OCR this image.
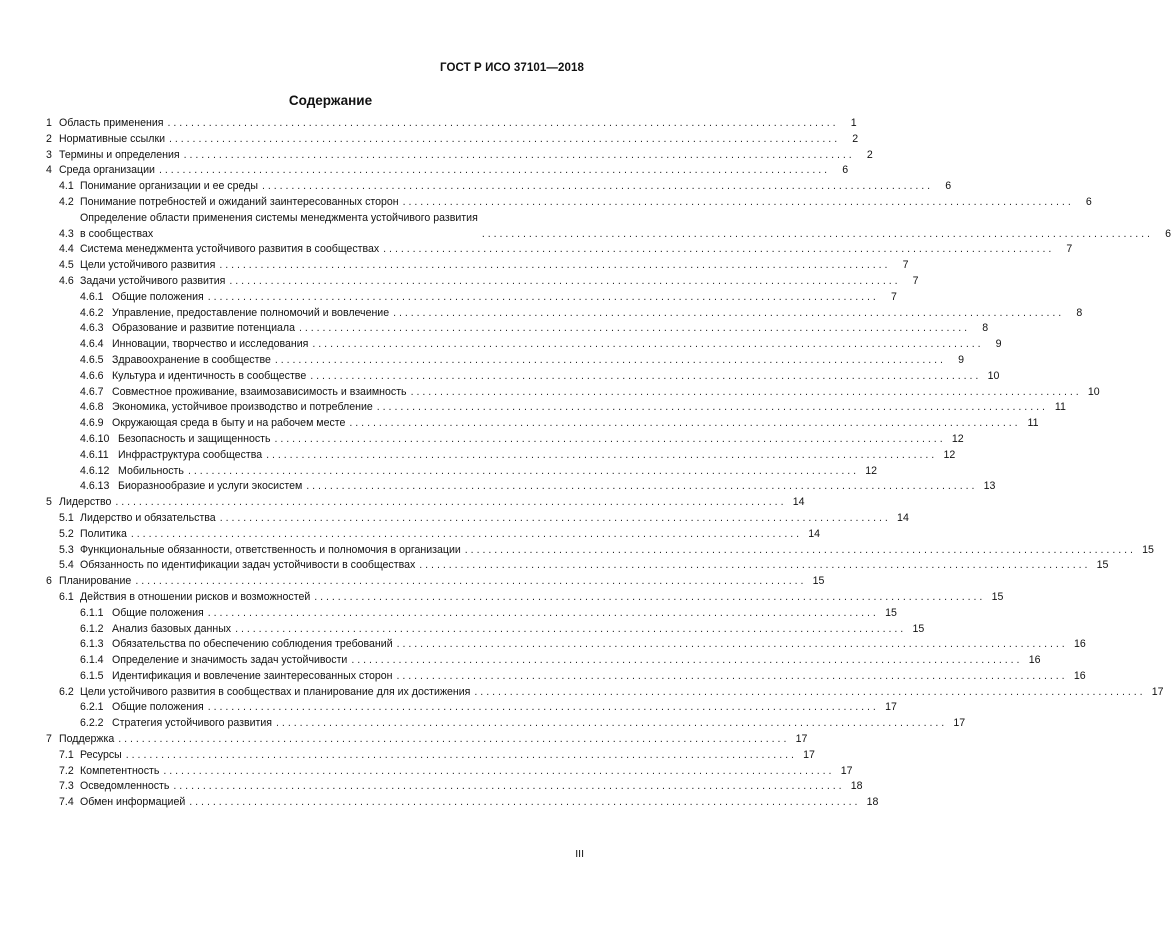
ГОСТ Р ИСО 37101—2018
Содержание
1 Область применения . . .	1
2 Нормативные ссылки . . .	2
3 Термины и определения . . .	2
4 Среда организации . . .	6
4.1 Понимание организации и ее среды . . .	6
4.2 Понимание потребностей и ожиданий заинтересованных сторон . . .	6
4.3
Определение области применения системы менеджмента устойчивого развития
в сообществах . . .	6
4.4 Система менеджмента устойчивого развития в сообществах . . .	7
4.5 Цели устойчивого развития . . .	7
4.6 Задачи устойчивого развития . . .	7
4.6.1 Общие положения . . .	7
4.6.2 Управление, предоставление полномочий и вовлечение . . .	8
4.6.3 Образование и развитие потенциала . . .	8
4.6.4 Инновации, творчество и исследования . . .	9
4.6.5 Здравоохранение в сообществе . . .	9
4.6.6 Культура и идентичность в сообществе . . .	10
4.6.7 Совместное проживание, взаимозависимость и взаимность . . .	10
4.6.8 Экономика, устойчивое производство и потребление . . .	11
4.6.9 Окружающая среда в быту и на рабочем месте . . .	11
4.6.10 Безопасность и защищенность . . .	12
4.6.11 Инфраструктура сообщества . . .	12
4.6.12 Мобильность . . .	12
4.6.13 Биоразнообразие и услуги экосистем . . .	13
5 Лидерство . . .	14
5.1 Лидерство и обязательства . . .	14
5.2 Политика . . .	14
5.3 Функциональные обязанности, ответственность и полномочия в организации . . .	15
5.4 Обязанность по идентификации задач устойчивости в сообществах . . .	15
6 Планирование . . .	15
6.1 Действия в отношении рисков и возможностей . . .	15
6.1.1 Общие положения . . .	15
6.1.2 Анализ базовых данных . . .	15
6.1.3 Обязательства по обеспечению соблюдения требований . . .	16
6.1.4 Определение и значимость задач устойчивости . . .	16
6.1.5 Идентификация и вовлечение заинтересованных сторон . . .	16
6.2 Цели устойчивого развития в сообществах и планирование для их достижения . . .	17
6.2.1 Общие положения . . .	17
6.2.2 Стратегия устойчивого развития . . .	17
7 Поддержка . . .	17
7.1 Ресурсы . . .	17
7.2 Компетентность . . .	17
7.3 Осведомленность . . .	18
7.4 Обмен информацией . . .	18
III
